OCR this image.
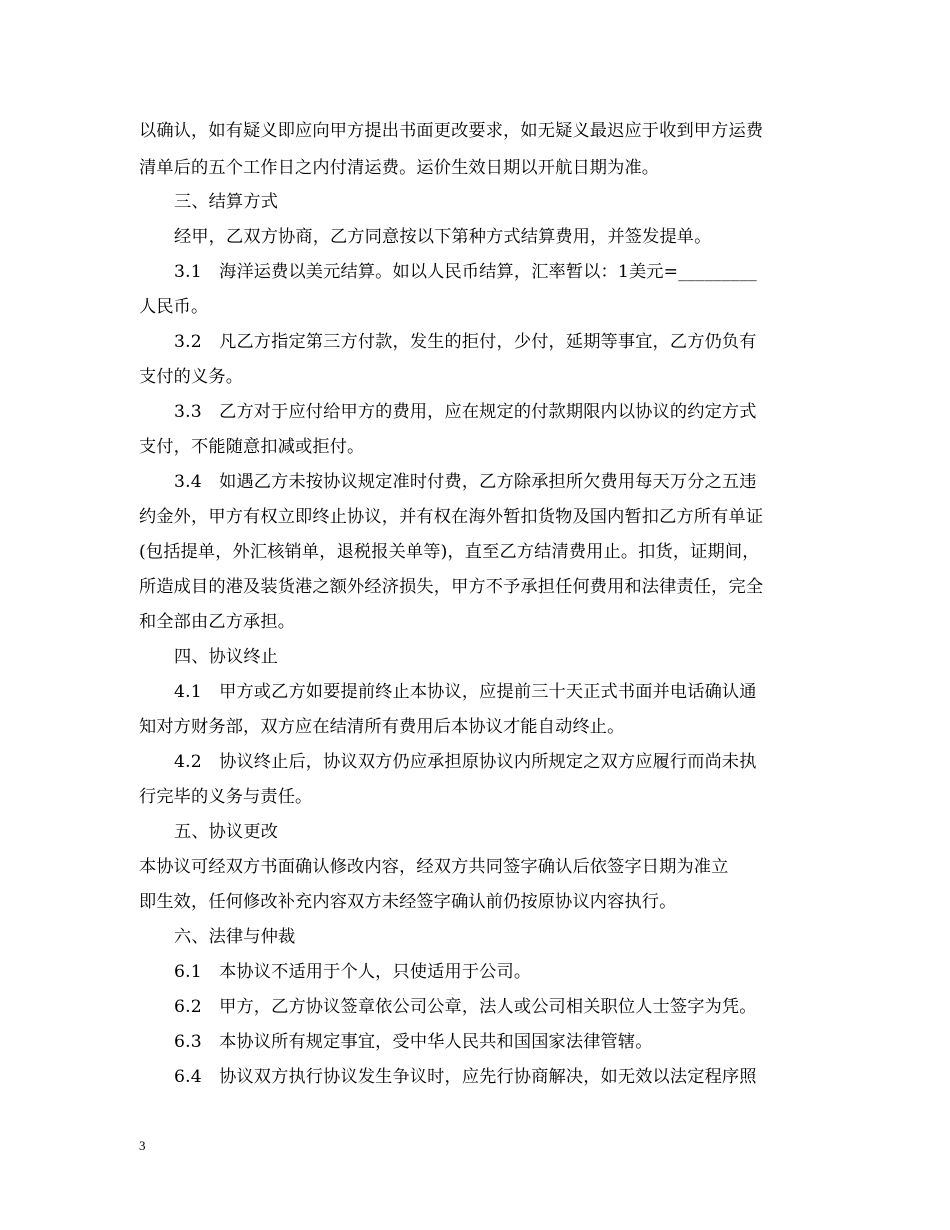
以确认，如有疑义即应向甲方提出书面更改要求，如无疑义最迟应于收到甲方运费
清单后的五个工作日之内付清运费。运价生效日期以开航日期为准。
三、结算方式
经甲，乙双方协商，乙方同意按以下第种方式结算费用，并签发提单。
3.1　海洋运费以美元结算。如以人民币结算，汇率暂以：1美元=_________
人民币。
3.2　凡乙方指定第三方付款，发生的拒付，少付，延期等事宜，乙方仍负有
支付的义务。
3.3　乙方对于应付给甲方的费用，应在规定的付款期限内以协议的约定方式
支付，不能随意扣减或拒付。
3.4　如遇乙方未按协议规定准时付费，乙方除承担所欠费用每天万分之五违
约金外，甲方有权立即终止协议，并有权在海外暂扣货物及国内暂扣乙方所有单证
(包括提单，外汇核销单，退税报关单等)，直至乙方结清费用止。扣货，证期间，
所造成目的港及装货港之额外经济损失，甲方不予承担任何费用和法律责任，完全
和全部由乙方承担。
四、协议终止
4.1　甲方或乙方如要提前终止本协议，应提前三十天正式书面并电话确认通
知对方财务部，双方应在结清所有费用后本协议才能自动终止。
4.2　协议终止后，协议双方仍应承担原协议内所规定之双方应履行而尚未执
行完毕的义务与责任。
五、协议更改
本协议可经双方书面确认修改内容，经双方共同签字确认后依签字日期为准立
即生效，任何修改补充内容双方未经签字确认前仍按原协议内容执行。
六、法律与仲裁
6.1　本协议不适用于个人，只使适用于公司。
6.2　甲方，乙方协议签章依公司公章，法人或公司相关职位人士签字为凭。
6.3　本协议所有规定事宜，受中华人民共和国国家法律管辖。
6.4　协议双方执行协议发生争议时，应先行协商解决，如无效以法定程序照
3
